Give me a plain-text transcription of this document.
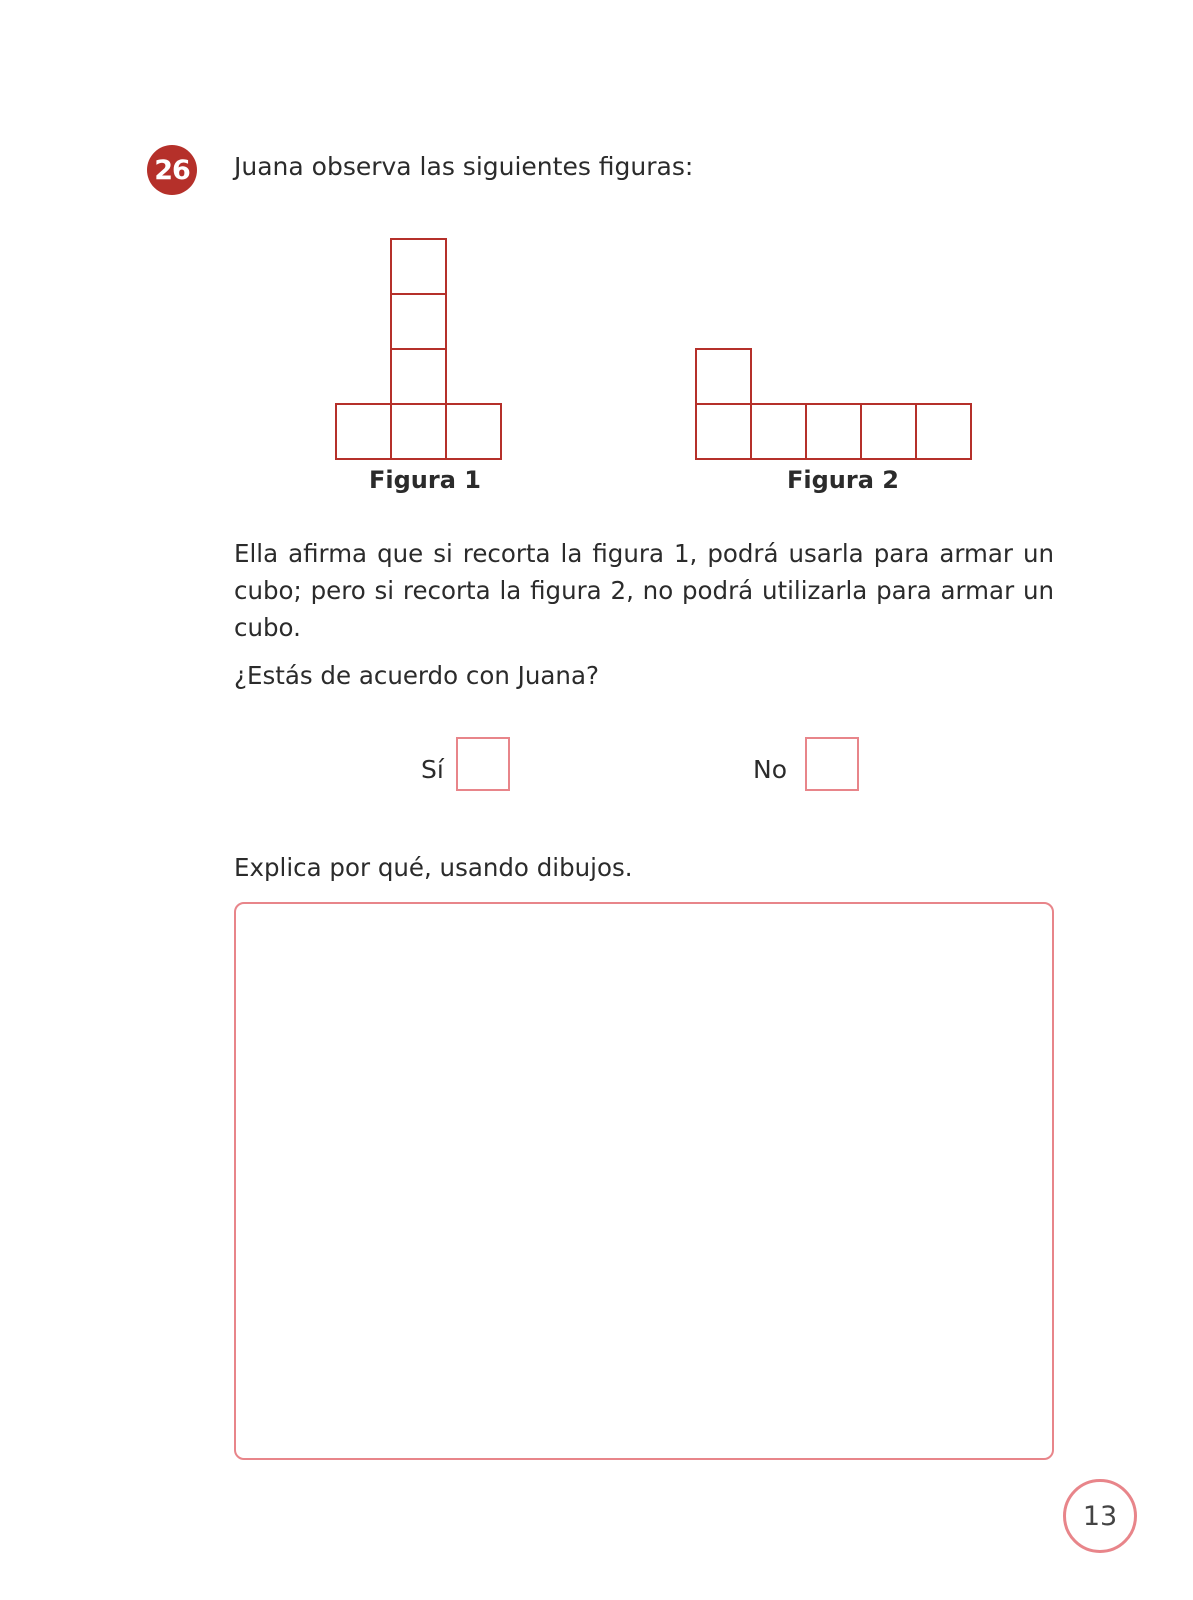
26 Juana observa las siguientes figuras:
Figura 1	Figura 2
Ella afirma que si recorta la figura 1, podrá usarla para armar un cubo; pero si recorta la figura 2, no podrá utilizarla para armar un cubo.
¿Estás de acuerdo con Juana?
Sí	No
Explica por qué, usando dibujos.
13
